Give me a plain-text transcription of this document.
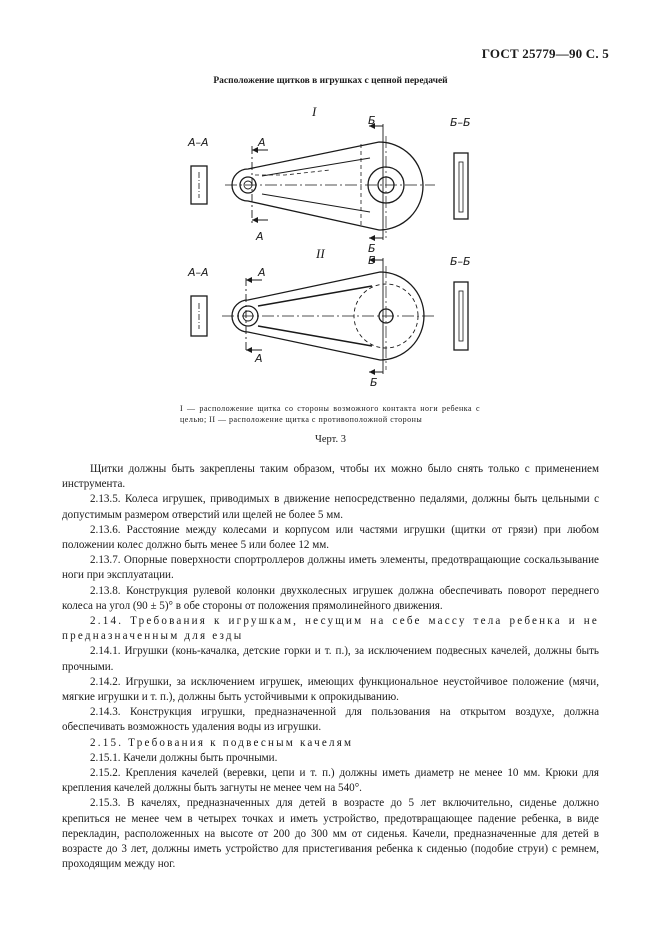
ГОСТ 25779—90 С. 5
Расположение щитков в игрушках с цепной передачей
I
А–А	А
А
Б
Б
Б–Б
II
А–А	А
А
Б
Б
Б–Б
I — расположение щитка со стороны возможного контакта ноги ребенка с целью; II — расположение щитка с противоположной стороны
Черт. 3

Щитки должны быть закреплены таким образом, чтобы их можно было снять только с применением инструмента.

2.13.5. Колеса игрушек, приводимых в движение непосредственно педалями, должны быть цельными с допустимым размером отверстий или щелей не более 5 мм.

2.13.6. Расстояние между колесами и корпусом или частями игрушки (щитки от грязи) при любом положении колес должно быть менее 5 или более 12 мм.

2.13.7. Опорные поверхности спортроллеров должны иметь элементы, предотвращающие соскальзывание ноги при эксплуатации.

2.13.8. Конструкция рулевой колонки двухколесных игрушек должна обеспечивать поворот переднего колеса на угол (90 ± 5)° в обе стороны от положения прямолинейного движения.

2.14. Требования к игрушкам, несущим на себе массу тела ребенка и не предназначенным для езды

2.14.1. Игрушки (конь-качалка, детские горки и т. п.), за исключением подвесных качелей, должны быть прочными.

2.14.2. Игрушки, за исключением игрушек, имеющих функциональное неустойчивое положение (мячи, мягкие игрушки и т. п.), должны быть устойчивыми к опрокидыванию.

2.14.3. Конструкция игрушки, предназначенной для пользования на открытом воздухе, должна обеспечивать возможность удаления воды из игрушки.

2.15. Требования к подвесным качелям

2.15.1. Качели должны быть прочными.

2.15.2. Крепления качелей (веревки, цепи и т. п.) должны иметь диаметр не менее 10 мм. Крюки для крепления качелей должны быть загнуты не менее чем на 540°.

2.15.3. В качелях, предназначенных для детей в возрасте до 5 лет включительно, сиденье должно крепиться не менее чем в четырех точках и иметь устройство, предотвращающее падение ребенка, в виде перекладин, расположенных на высоте от 200 до 300 мм от сиденья. Качели, предназначенные для детей в возрасте до 3 лет, должны иметь устройство для пристегивания ребенка к сиденью (подобие струи) с ремнем, проходящим между ног.
